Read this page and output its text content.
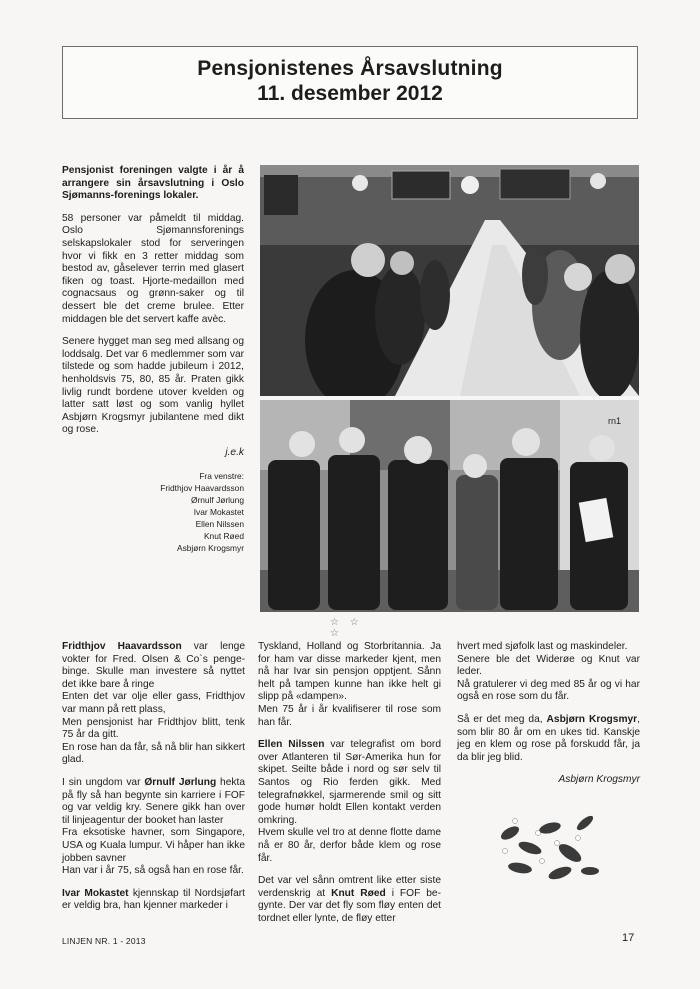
Pensjonistenes Årsavslutning
11. desember 2012

Pensjonist foreningen valgte i år å arrangere sin årsavslutning i Oslo Sjømanns-forenings lokaler.

58 personer var påmeldt til middag. Oslo Sjømannsforenings selskapslokaler stod for serveringen hvor vi fikk en 3 retter middag som bestod av, gåselever terrin med glasert fiken og toast. Hjorte-medaillon med cognacsaus og grønn-saker og til dessert ble det creme brulee. Etter middagen ble det servert kaffe avèc.

Senere hygget man seg med allsang og loddsalg. Det var 6 medlemmer som var tilstede og som hadde jubileum i 2012, henholdsvis 75, 80, 85 år. Praten gikk livlig rundt bordene utover kvelden og latter satt løst og som vanlig hyllet Asbjørn Krogsmyr jubilantene med dikt og rose.

j.e.k
Fra venstre:
Fridthjov Haavardsson
Ørnulf Jørlung
Ivar Mokastet
Ellen Nilssen
Knut Røed
Asbjørn Krogsmyr
rn1
☆ ☆ ☆

Fridthjov Haavardsson var lenge vokter for Fred. Olsen & Co`s penge-binge. Skulle man investere så nyttet det ikke bare å ringe
Enten det var olje eller gass, Fridthjov var mann på rett plass,
Men pensjonist har Fridthjov blitt, tenk 75 år da gitt.
En rose han da får, så nå blir han sikkert glad.

I sin ungdom var Ørnulf Jørlung hekta på fly så han begynte sin karriere i FOF og var veldig kry. Senere gikk han over til linjeagentur der booket han laster
Fra eksotiske havner, som Singapore, USA og Kuala lumpur. Vi håper han ikke jobben savner
Han var i år 75, så også han en rose får.

Ivar Mokastet kjennskap til Nordsjøfart er veldig bra, han kjenner markeder i

Tyskland, Holland og Storbritannia. Ja for ham var disse markeder kjent, men nå har Ivar sin pensjon opptjent. Sånn helt på tampen kunne han ikke helt gi slipp på «dampen».
Men 75 år i år kvalifiserer til rose som han får.

Ellen Nilssen var telegrafist om bord over Atlanteren til Sør-Amerika hun for skipet. Seilte både i nord og sør selv til Santos og Rio ferden gikk. Med telegrafnøkkel, sjarmerende smil og sitt gode humør holdt Ellen kontakt verden omkring.
Hvem skulle vel tro at denne flotte dame nå er 80 år, derfor både klem og rose får.

Det var vel sånn omtrent like etter siste verdenskrig at Knut Røed i FOF be-gynte. Der var det fly som fløy enten det tordnet eller lynte, de fløy etter

hvert med sjøfolk last og maskindeler.
Senere ble det Widerøe og Knut var leder.
Nå gratulerer vi deg med 85 år og vi har også en rose som du får.

Så er det meg da, Asbjørn Krogsmyr, som blir 80 år om en ukes tid. Kanskje jeg en klem og rose på forskudd får, ja da blir jeg blid.

Asbjørn Krogsmyr
LINJEN NR. 1 - 2013	17
